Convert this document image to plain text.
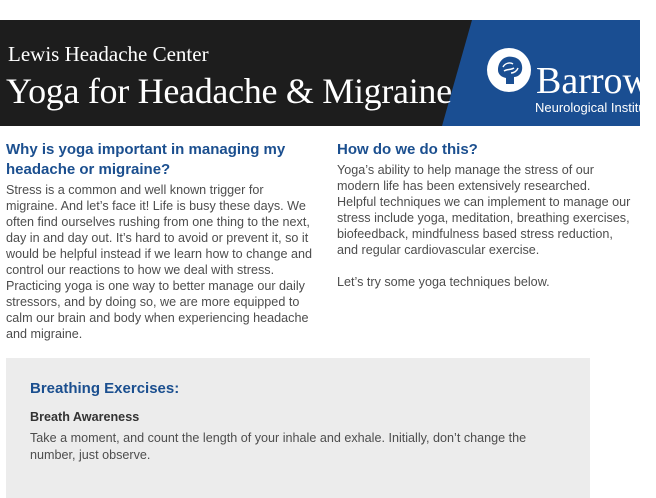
Lewis Headache Center
Yoga for Headache & Migraine Barrow
Neurological Institute
Why is yoga important in managing my headache or migraine?

Stress is a common and well known trigger for migraine. And let’s face it! Life is busy these days. We often find ourselves rushing from one thing to the next, day in and day out. It’s hard to avoid or prevent it, so it would be helpful instead if we learn how to change and control our reactions to how we deal with stress. Practicing yoga is one way to better manage our daily stressors, and by doing so, we are more equipped to calm our brain and body when experiencing headache and migraine.

How do we do this?

Yoga’s ability to help manage the stress of our modern life has been extensively researched. Helpful techniques we can implement to manage our stress include yoga, meditation, breathing exercises, biofeedback, mindfulness based stress reduction, and regular cardiovascular exercise.

Let’s try some yoga techniques below.

Breathing Exercises:
Breath Awareness

Take a moment, and count the length of your inhale and exhale. Initially, don’t change the number, just observe.
